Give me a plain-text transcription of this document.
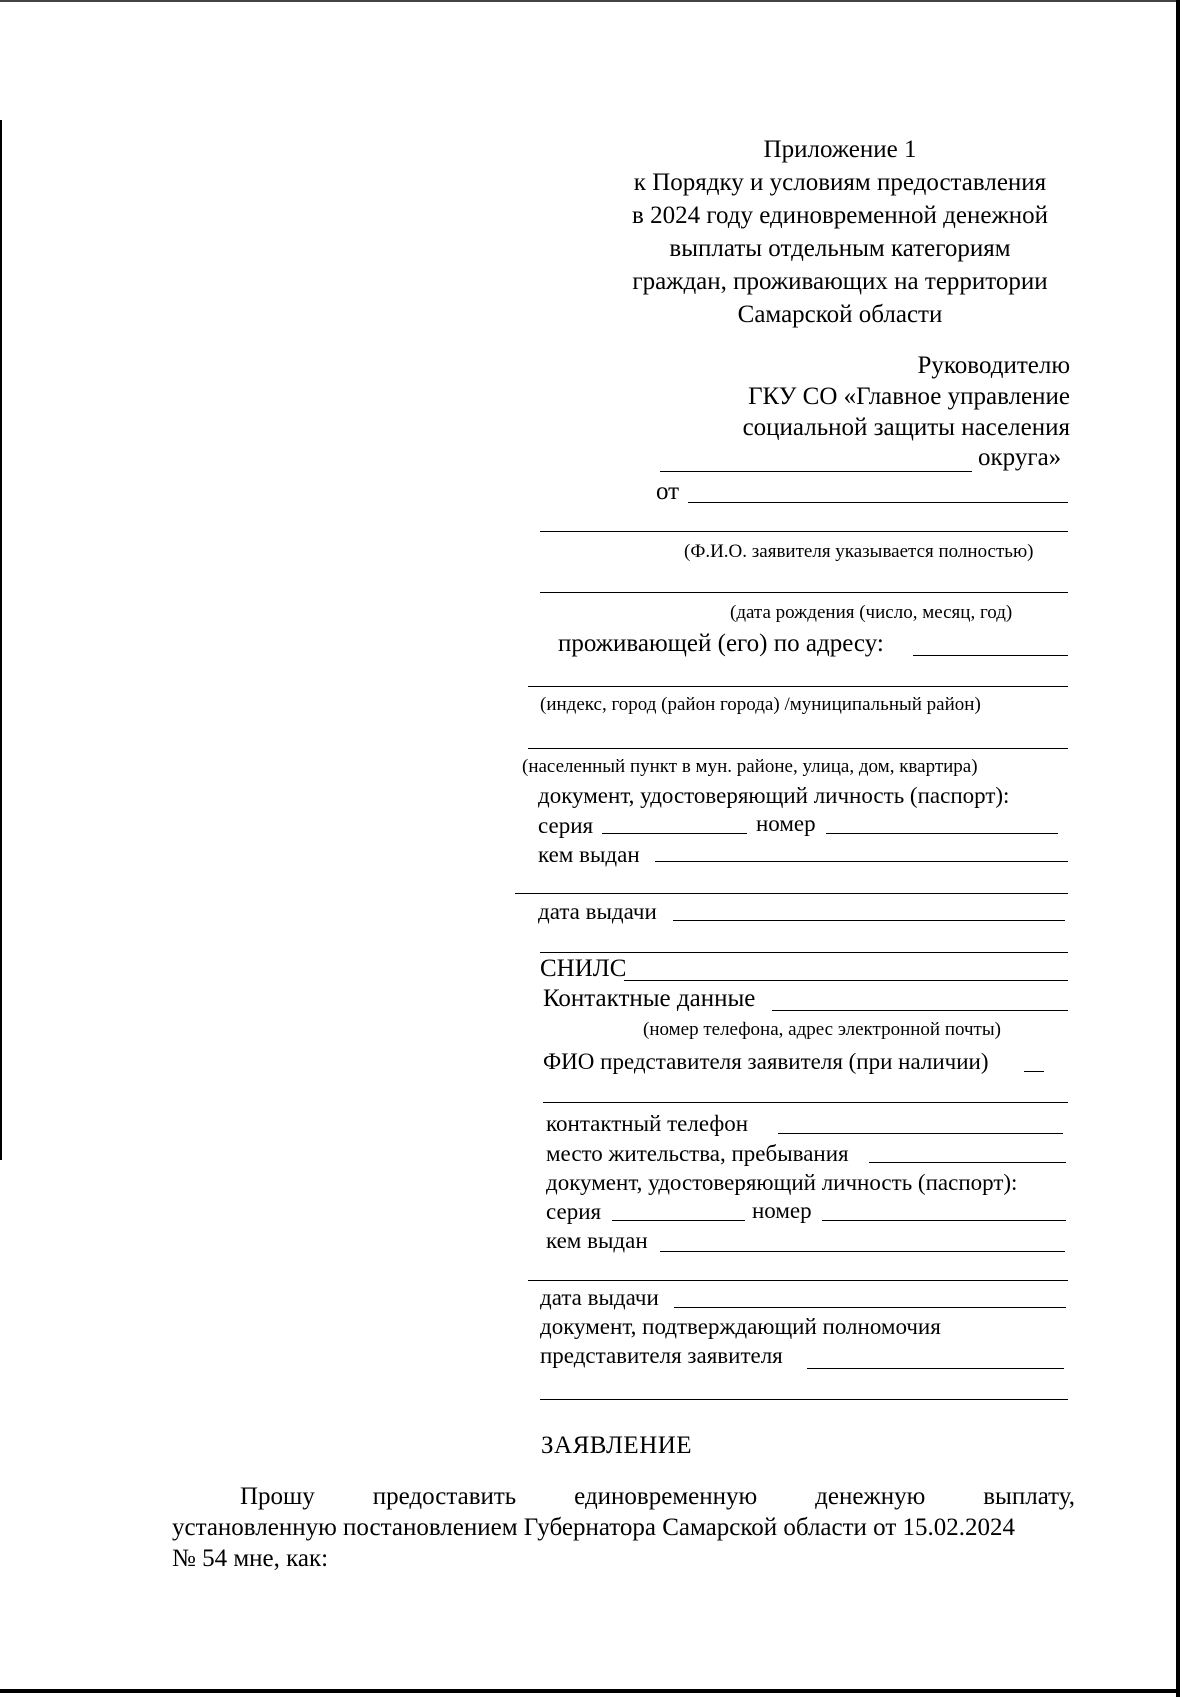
Приложение 1
к Порядку и условиям предоставления
в 2024 году единовременной денежной
выплаты отдельным категориям
граждан, проживающих на территории
Самарской области
Руководителю
ГКУ СО «Главное управление
социальной защиты населения
округа»
от
(Ф.И.О. заявителя указывается полностью)
(дата рождения (число, месяц, год)
проживающей (его) по адресу:
(индекс, город (район города) /муниципальный район)
(населенный пункт в мун. районе, улица, дом, квартира)
документ, удостоверяющий личность (паспорт):
серия	номер
кем выдан
дата выдачи
СНИЛС
Контактные данные
(номер телефона, адрес электронной почты)
ФИО представителя заявителя (при наличии)
контактный телефон
место жительства, пребывания
документ, удостоверяющий личность (паспорт):
серия	номер
кем выдан
дата выдачи
документ, подтверждающий полномочия
представителя заявителя
ЗАЯВЛЕНИЕ
Прошу предоставить единовременную денежную выплату,
установленную постановлением Губернатора Самарской области от 15.02.2024
№ 54 мне, как:
